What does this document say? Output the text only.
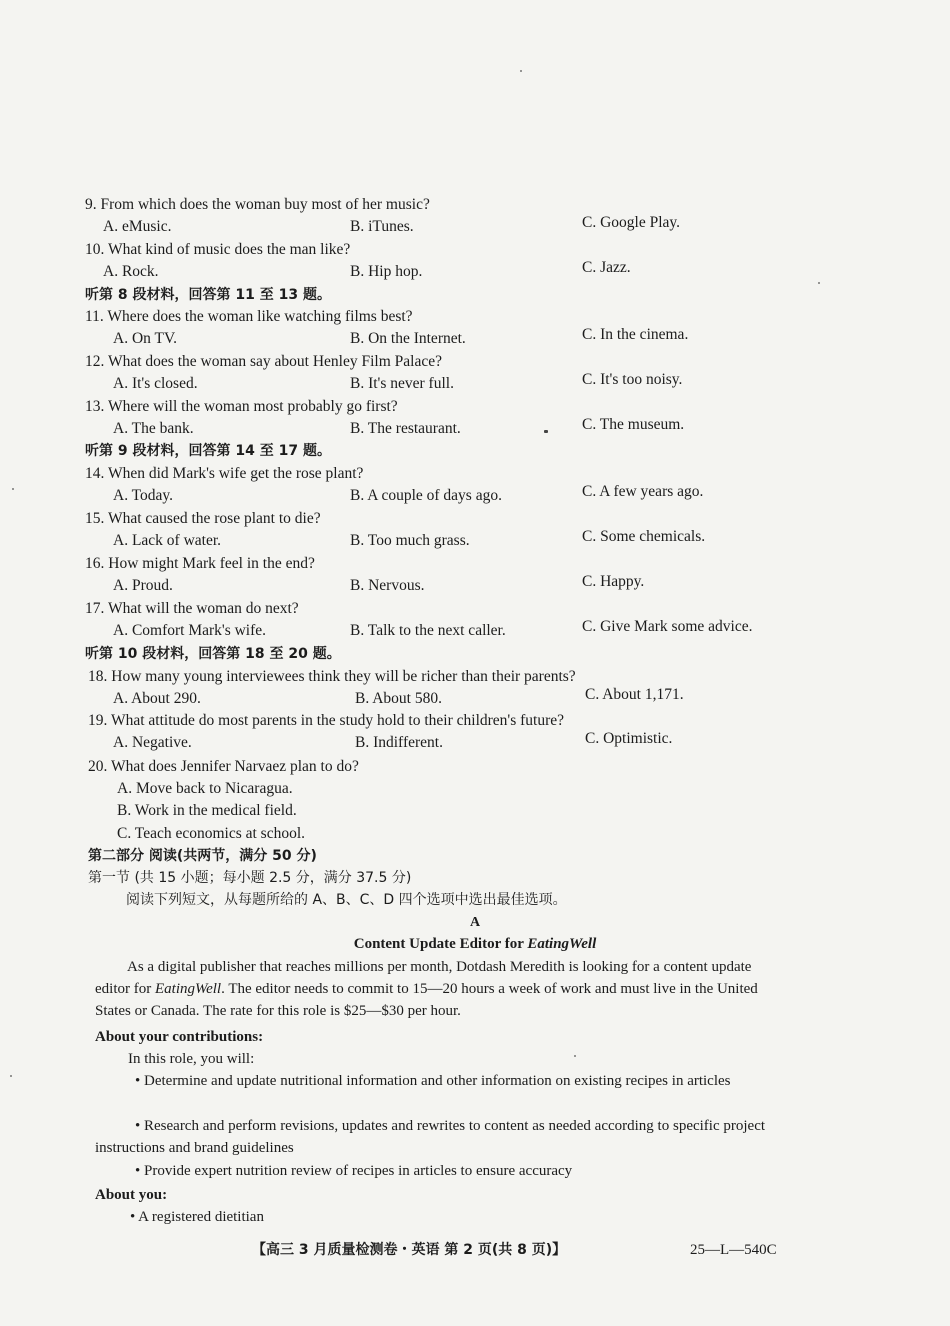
9. From which does the woman buy most of her music?
A. eMusic.	B. iTunes.	C. Google Play.
10. What kind of music does the man like?
A. Rock.	B. Hip hop.	C. Jazz.
11. Where does the woman like watching films best?
A. On TV.	B. On the Internet.	C. In the cinema.
12. What does the woman say about Henley Film Palace?
A. It's closed.	B. It's never full.	C. It's too noisy.
13. Where will the woman most probably go first?
A. The bank.	B. The restaurant.	C. The museum.
14. When did Mark's wife get the rose plant?
A. Today.	B. A couple of days ago.	C. A few years ago.
15. What caused the rose plant to die?
A. Lack of water.	B. Too much grass.	C. Some chemicals.
16. How might Mark feel in the end?
A. Proud.	B. Nervous.	C. Happy.
17. What will the woman do next?
A. Comfort Mark's wife.	B. Talk to the next caller.	C. Give Mark some advice.
18. How many young interviewees think they will be richer than their parents?
A. About 290.	B. About 580.	C. About 1,171.
19. What attitude do most parents in the study hold to their children's future?
A. Negative.	B. Indifferent.	C. Optimistic.
听第 8 段材料，回答第 11 至 13 题。
听第 9 段材料，回答第 14 至 17 题。
听第 10 段材料，回答第 18 至 20 题。
20. What does Jennifer Narvaez plan to do?
A. Move back to Nicaragua.
B. Work in the medical field.
C. Teach economics at school.
第二部分 阅读(共两节，满分 50 分)
第一节 (共 15 小题；每小题 2.5 分，满分 37.5 分)
阅读下列短文，从每题所给的 A、B、C、D 四个选项中选出最佳选项。
A
Content Update Editor for EatingWell
As a digital publisher that reaches millions per month, Dotdash Meredith is looking for a content update editor for EatingWell. The editor needs to commit to 15—20 hours a week of work and must live in the United States or Canada. The rate for this role is $25—$30 per hour.
About your contributions:
In this role, you will:
• Determine and update nutritional information and other information on existing recipes in articles
• Research and perform revisions, updates and rewrites to content as needed according to specific project instructions and brand guidelines
• Provide expert nutrition review of recipes in articles to ensure accuracy
About you:
• A registered dietitian
【高三 3 月质量检测卷・英语 第 2 页(共 8 页)】	25—L—540C
